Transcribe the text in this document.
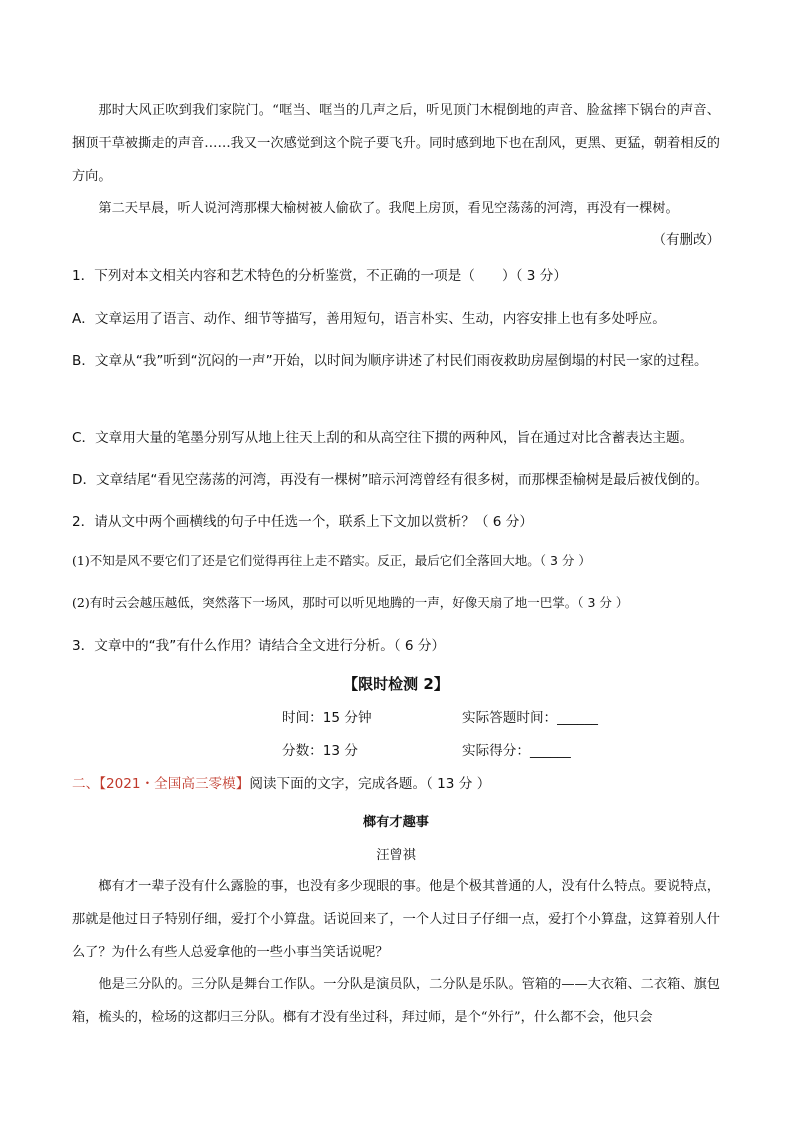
那时大风正吹到我们家院门。“哐当、哐当的几声之后，听见顶门木棍倒地的声音、脸盆摔下锅台的声音、捆顶干草被撕走的声音……我又一次感觉到这个院子要飞升。同时感到地下也在刮风，更黑、更猛，朝着相反的方向。

第二天早晨，听人说河湾那棵大榆树被人偷砍了。我爬上房顶，看见空荡荡的河湾，再没有一棵树。

（有删改）

1．下列对本文相关内容和艺术特色的分析鉴赏，不正确的一项是（　　）（ 3 分）

A．文章运用了语言、动作、细节等描写，善用短句，语言朴实、生动，内容安排上也有多处呼应。

B．文章从“我”听到“沉闷的一声”开始，以时间为顺序讲述了村民们雨夜救助房屋倒塌的村民一家的过程。

C．文章用大量的笔墨分别写从地上往天上刮的和从高空往下掼的两种风，旨在通过对比含蓄表达主题。

D．文章结尾“看见空荡荡的河湾，再没有一棵树”暗示河湾曾经有很多树，而那棵歪榆树是最后被伐倒的。

2．请从文中两个画横线的句子中任选一个，联系上下文加以赏析？（ 6 分）

(1)不知是风不要它们了还是它们觉得再往上走不踏实。反正，最后它们全落回大地。（ 3 分 ）

(2)有时云会越压越低，突然落下一场风，那时可以听见地腾的一声，好像天扇了地一巴掌。（ 3 分 ）

3．文章中的“我”有什么作用？请结合全文进行分析。（ 6 分）

【限时检测 2】

时间：15 分钟	实际答题时间：______
分数：13 分	实际得分：______

二、【2021・全国高三零模】阅读下面的文字，完成各题。（ 13 分 ）

榔有才趣事

汪曾祺

榔有才一辈子没有什么露脸的事，也没有多少现眼的事。他是个极其普通的人，没有什么特点。要说特点，那就是他过日子特别仔细，爱打个小算盘。话说回来了，一个人过日子仔细一点，爱打个小算盘，这算着别人什么了？为什么有些人总爱拿他的一些小事当笑话说呢？

他是三分队的。三分队是舞台工作队。一分队是演员队，二分队是乐队。管箱的——大衣箱、二衣箱、旗包箱，梳头的，检场的这都归三分队。榔有才没有坐过科，拜过师，是个“外行”，什么都不会，他只会
